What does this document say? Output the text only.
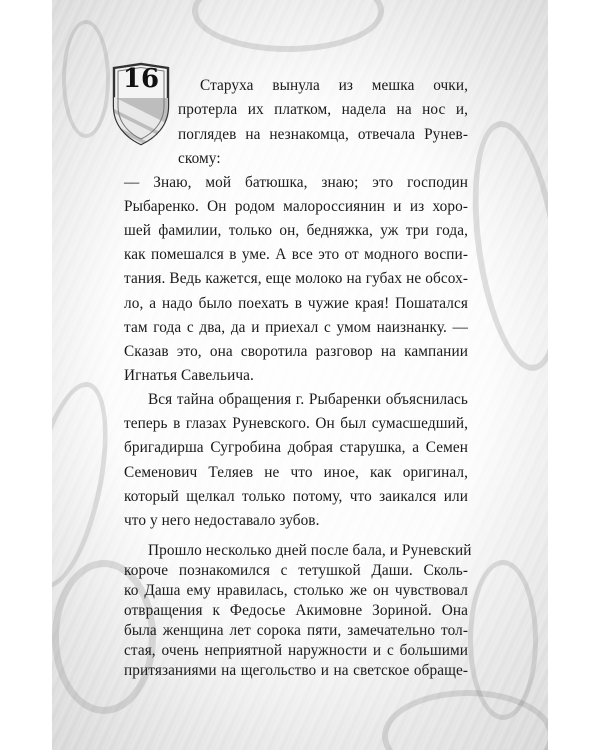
16	Старуха вынула из мешка очки,
протерла их платком, надела на нос и,
поглядев на незнакомца, отвечала Рунев-
скому:
— Знаю, мой батюшка, знаю; это господин
Рыбаренко. Он родом малороссиянин и из хоро-
шей фамилии, только он, бедняжка, уж три года,
как помешался в уме. А все это от модного воспи-
тания. Ведь кажется, еще молоко на губах не обсох-
ло, а надо было поехать в чужие края! Пошатался
там года с два, да и приехал с умом наизнанку. —
Сказав это, она своротила разговор на кампании
Игнатья Савельича.
Вся тайна обращения г. Рыбаренки объяснилась
теперь в глазах Руневского. Он был сумасшедший,
бригадирша Сугробина добрая старушка, а Семен
Семенович Теляев не что иное, как оригинал,
который щелкал только потому, что заикался или
что у него недоставало зубов.
Прошло несколько дней после бала, и Руневский
короче познакомился с тетушкой Даши. Сколь-
ко Даша ему нравилась, столько же он чувствовал
отвращения к Федосье Акимовне Зориной. Она
была женщина лет сорока пяти, замечательно тол-
стая, очень неприятной наружности и с большими
притязаниями на щегольство и на светское обраще-
